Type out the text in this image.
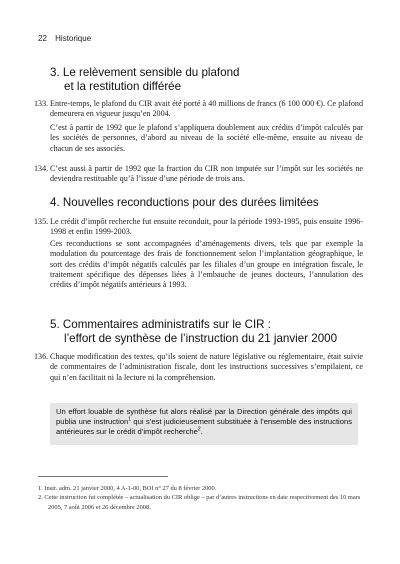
22 Historique
3. Le relèvement sensible du plafond
et la restitution différée
133. Entre-temps, le plafond du CIR avait été porté à 40 millions de francs (6 100 000 €). Ce plafond demeurera en vigueur jusqu’en 2004.

C’est à partir de 1992 que le plafond s’appliquera doublement aux crédits d’impôt calculés par les sociétés de personnes, d’abord au niveau de la société elle-même, ensuite au niveau de chacun de ses associés.

134. C’est aussi à partir de 1992 que la fraction du CIR non imputée sur l’impôt sur les sociétés ne deviendra restituable qu’à l’issue d’une période de trois ans.

4. Nouvelles reconductions pour des durées limitées
135. Le crédit d’impôt recherche fut ensuite reconduit, pour la période 1993-1995, puis ensuite 1996-1998 et enfin 1999-2003.

Ces reconductions se sont accompagnées d’aménagements divers, tels que par exemple la modulation du pourcentage des frais de fonctionnement selon l’implantation géographique, le sort des crédits d’impôt négatifs calculés par les filiales d’un groupe en intégration fiscale, le traitement spécifique des dépenses liées à l’embauche de jeunes docteurs, l’annulation des crédits d’impôt négatifs antérieurs à 1993.

5. Commentaires administratifs sur le CIR :
l’effort de synthèse de l’instruction du 21 janvier 2000
136. Chaque modification des textes, qu’ils soient de nature législative ou réglementaire, était suivie de commentaires de l’administration fiscale, dont les instructions successives s’empilaient, ce qui n’en facilitait ni la lecture ni la compréhension.

Un effort louable de synthèse fut alors réalisé par la Direction générale des impôts qui publia une instruction$^1$ qui s’est judicieusement substituée à l’ensemble des instructions antérieures sur le crédit d’impôt recherche$^2$.

1. Instr. adm. 21 janvier 2000, 4 A-1-00, BOI n° 27 du 8 février 2000.

2. Cette instruction fut complétée – actualisation du CIR oblige – par d’autres instructions en date respectivement des 10 mars 2005, 7 août 2006 et 26 décembre 2008.
